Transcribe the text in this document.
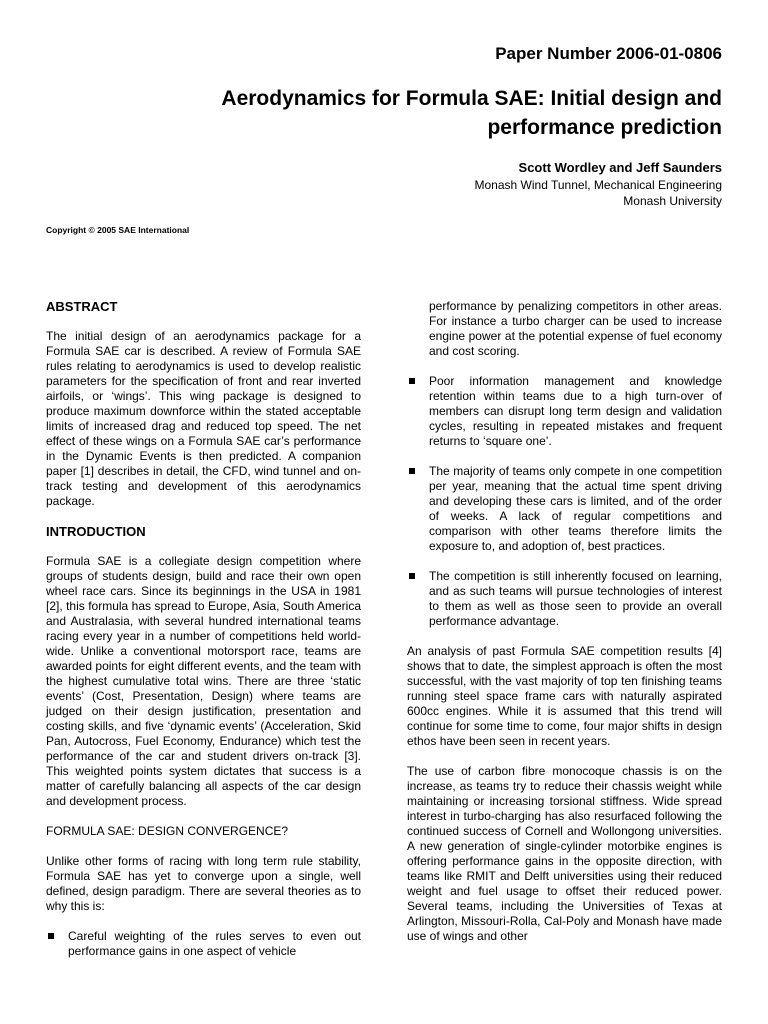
Paper Number 2006-01-0806
Aerodynamics for Formula SAE: Initial design and performance prediction
Scott Wordley and Jeff Saunders
Monash Wind Tunnel, Mechanical Engineering
Monash University
Copyright © 2005 SAE International
ABSTRACT

The initial design of an aerodynamics package for a Formula SAE car is described. A review of Formula SAE rules relating to aerodynamics is used to develop realistic parameters for the specification of front and rear inverted airfoils, or ‘wings’. This wing package is designed to produce maximum downforce within the stated acceptable limits of increased drag and reduced top speed. The net effect of these wings on a Formula SAE car’s performance in the Dynamic Events is then predicted. A companion paper [1] describes in detail, the CFD, wind tunnel and on-track testing and development of this aerodynamics package.

INTRODUCTION

Formula SAE is a collegiate design competition where groups of students design, build and race their own open wheel race cars. Since its beginnings in the USA in 1981 [2], this formula has spread to Europe, Asia, South America and Australasia, with several hundred international teams racing every year in a number of competitions held world-wide. Unlike a conventional motorsport race, teams are awarded points for eight different events, and the team with the highest cumulative total wins. There are three ‘static events’ (Cost, Presentation, Design) where teams are judged on their design justification, presentation and costing skills, and five ‘dynamic events’ (Acceleration, Skid Pan, Autocross, Fuel Economy, Endurance) which test the performance of the car and student drivers on-track [3]. This weighted points system dictates that success is a matter of carefully balancing all aspects of the car design and development process.

FORMULA SAE: DESIGN CONVERGENCE?

Unlike other forms of racing with long term rule stability, Formula SAE has yet to converge upon a single, well defined, design paradigm. There are several theories as to why this is:

Careful weighting of the rules serves to even out performance gains in one aspect of vehicle
performance by penalizing competitors in other areas. For instance a turbo charger can be used to increase engine power at the potential expense of fuel economy and cost scoring.
Poor information management and knowledge retention within teams due to a high turn-over of members can disrupt long term design and validation cycles, resulting in repeated mistakes and frequent returns to ‘square one’.
The majority of teams only compete in one competition per year, meaning that the actual time spent driving and developing these cars is limited, and of the order of weeks. A lack of regular competitions and comparison with other teams therefore limits the exposure to, and adoption of, best practices.
The competition is still inherently focused on learning, and as such teams will pursue technologies of interest to them as well as those seen to provide an overall performance advantage.

An analysis of past Formula SAE competition results [4] shows that to date, the simplest approach is often the most successful, with the vast majority of top ten finishing teams running steel space frame cars with naturally aspirated 600cc engines. While it is assumed that this trend will continue for some time to come, four major shifts in design ethos have been seen in recent years.

The use of carbon fibre monocoque chassis is on the increase, as teams try to reduce their chassis weight while maintaining or increasing torsional stiffness. Wide spread interest in turbo-charging has also resurfaced following the continued success of Cornell and Wollongong universities. A new generation of single-cylinder motorbike engines is offering performance gains in the opposite direction, with teams like RMIT and Delft universities using their reduced weight and fuel usage to offset their reduced power. Several teams, including the Universities of Texas at Arlington, Missouri-Rolla, Cal-Poly and Monash have made use of wings and other
